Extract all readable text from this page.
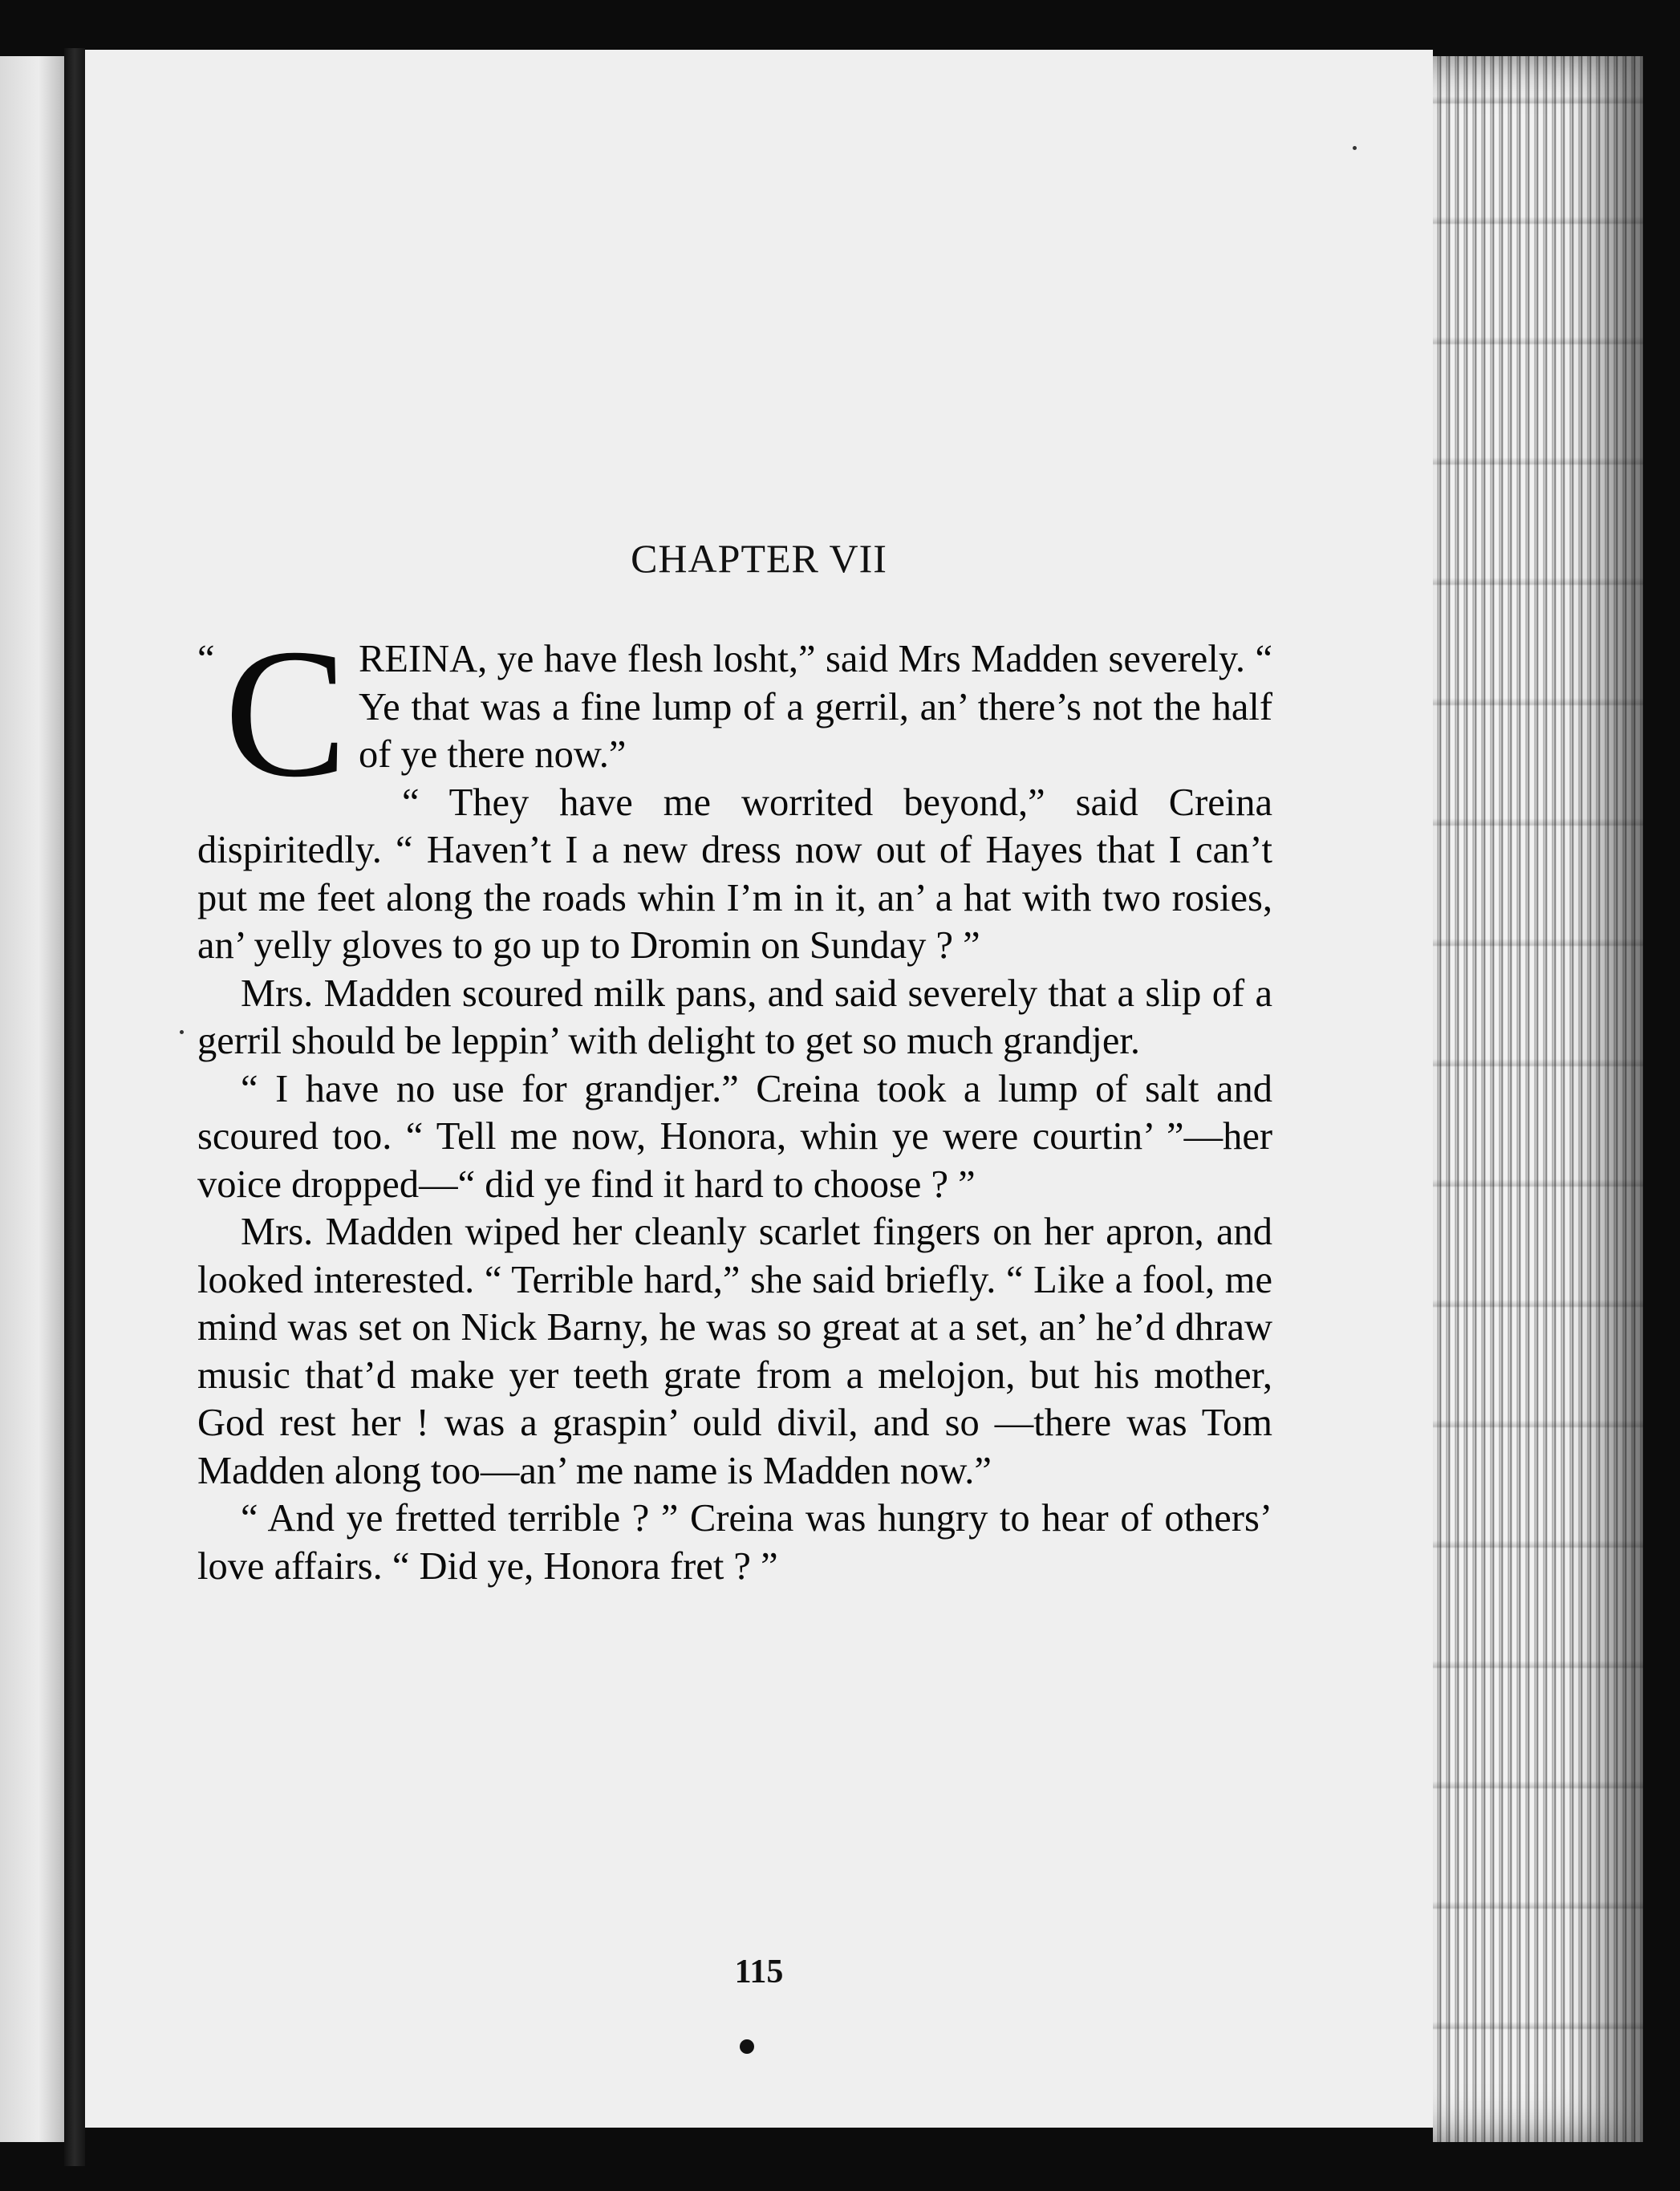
CHAPTER VII

“ C REINA, ye have flesh losht,” said Mrs Madden severely. “ Ye that was a fine lump of a gerril, an’ there’s not the half of ye there now.”

“ They have me worrited beyond,” said Creina dispiritedly. “ Haven’t I a new dress now out of Hayes that I can’t put me feet along the roads whin I’m in it, an’ a hat with two rosies, an’ yelly gloves to go up to Dromin on Sunday ? ”

Mrs. Madden scoured milk pans, and said severely that a slip of a gerril should be leppin’ with delight to get so much grandjer.

“ I have no use for grandjer.” Creina took a lump of salt and scoured too. “ Tell me now, Honora, whin ye were courtin’ ”—her voice dropped—“ did ye find it hard to choose ? ”

Mrs. Madden wiped her cleanly scarlet fingers on her apron, and looked interested. “ Terrible hard,” she said briefly. “ Like a fool, me mind was set on Nick Barny, he was so great at a set, an’ he’d dhraw music that’d make yer teeth grate from a melojon, but his mother, God rest her ! was a graspin’ ould divil, and so —there was Tom Madden along too—an’ me name is Madden now.”

“ And ye fretted terrible ? ” Creina was hungry to hear of others’ love affairs. “ Did ye, Honora fret ? ”

115
